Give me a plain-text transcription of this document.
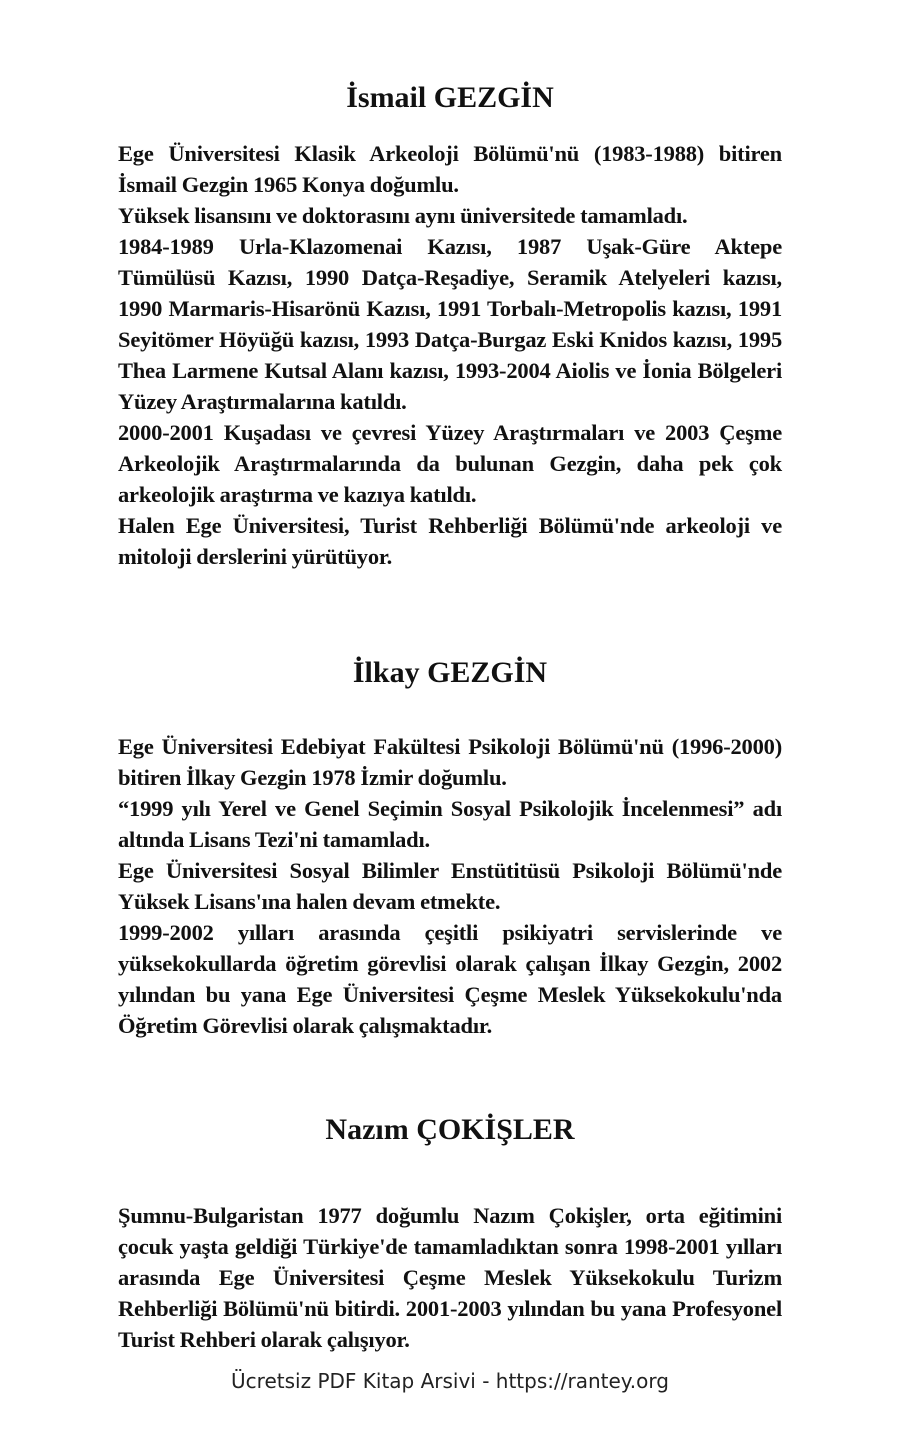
İsmail GEZGİN

Ege Üniversitesi Klasik Arkeoloji Bölümü'nü (1983-1988) bitiren İsmail Gezgin 1965 Konya doğumlu.

Yüksek lisansını ve doktorasını aynı üniversitede tamamladı.

1984-1989 Urla-Klazomenai Kazısı, 1987 Uşak-Güre Aktepe Tümülüsü Kazısı, 1990 Datça-Reşadiye, Seramik Atelyeleri kazısı, 1990 Marmaris-Hisarönü Kazısı, 1991 Torbalı-Metropolis kazısı, 1991 Seyitömer Höyüğü kazısı, 1993 Datça-Burgaz Eski Knidos kazısı, 1995 Thea Larmene Kutsal Alanı kazısı, 1993-2004 Aiolis ve İonia Bölgeleri Yüzey Araştırmalarına katıldı.

2000-2001 Kuşadası ve çevresi Yüzey Araştırmaları ve 2003 Çeşme Arkeolojik Araştırmalarında da bulunan Gezgin, daha pek çok arkeolojik araştırma ve kazıya katıldı.

Halen Ege Üniversitesi, Turist Rehberliği Bölümü'nde arkeoloji ve mitoloji derslerini yürütüyor.

İlkay GEZGİN

Ege Üniversitesi Edebiyat Fakültesi Psikoloji Bölümü'nü (1996-2000) bitiren İlkay Gezgin 1978 İzmir doğumlu.

“1999 yılı Yerel ve Genel Seçimin Sosyal Psikolojik İncelenmesi” adı altında Lisans Tezi'ni tamamladı.

Ege Üniversitesi Sosyal Bilimler Enstütitüsü Psikoloji Bölümü'nde Yüksek Lisans'ına halen devam etmekte.

1999-2002 yılları arasında çeşitli psikiyatri servislerinde ve yüksekokullarda öğretim görevlisi olarak çalışan İlkay Gezgin, 2002 yılından bu yana Ege Üniversitesi Çeşme Meslek Yüksekokulu'nda Öğretim Görevlisi olarak çalışmaktadır.

Nazım ÇOKİŞLER

Şumnu-Bulgaristan 1977 doğumlu Nazım Çokişler, orta eğitimini çocuk yaşta geldiği Türkiye'de tamamladıktan sonra 1998-2001 yılları arasında Ege Üniversitesi Çeşme Meslek Yüksekokulu Turizm Rehberliği Bölümü'nü bitirdi. 2001-2003 yılından bu yana Profesyonel Turist Rehberi olarak çalışıyor.

Ücretsiz PDF Kitap Arsivi - https://rantey.org
